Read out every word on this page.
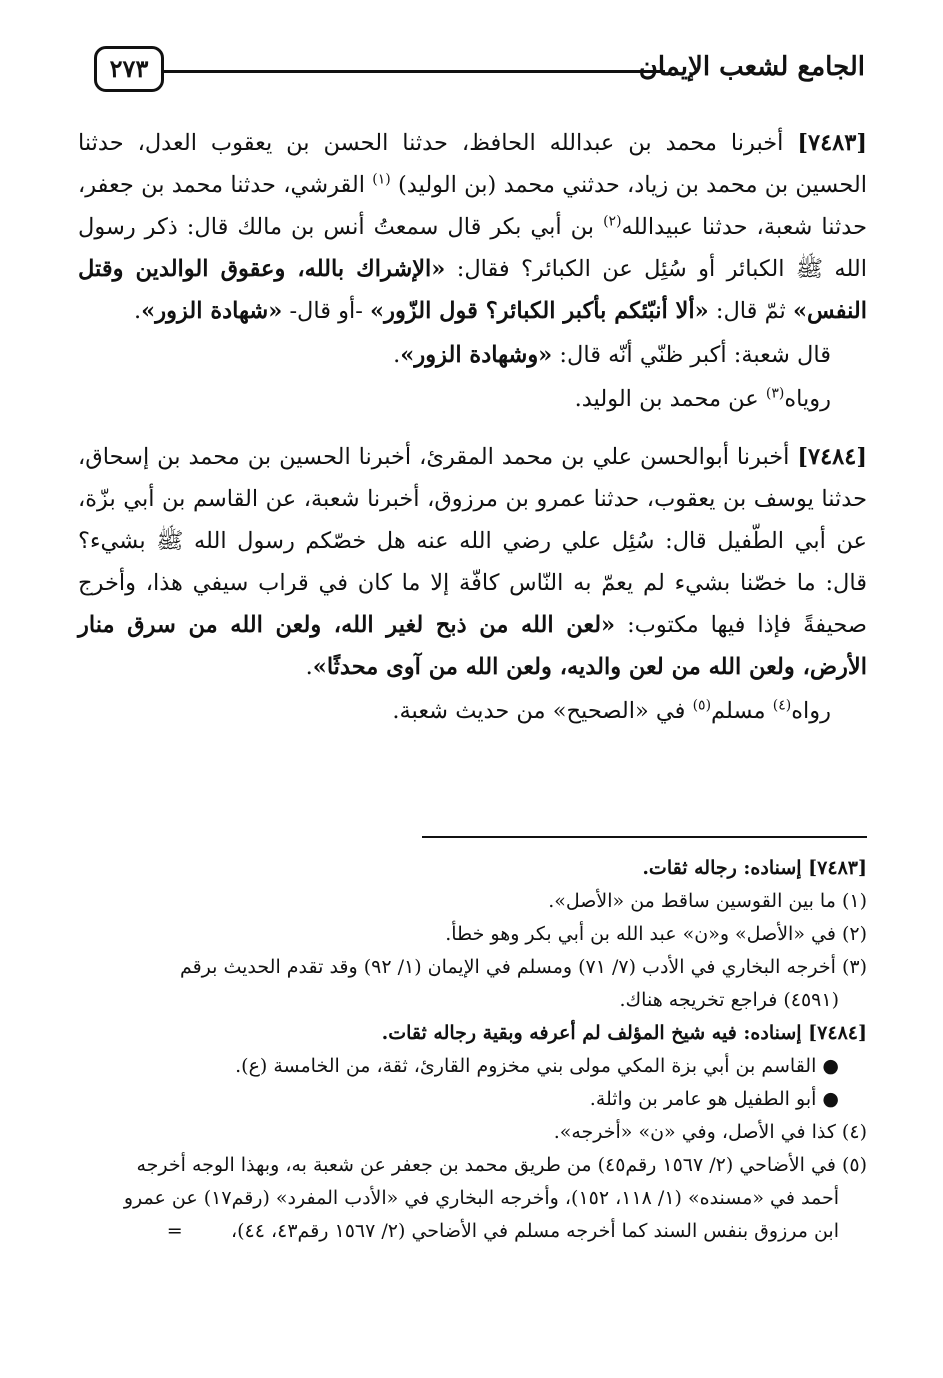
الجامع لشعب الإيمان
٢٧٣

[٧٤٨٣] أخبرنا محمد بن عبدالله الحافظ، حدثنا الحسن بن يعقوب العدل، حدثنا الحسين بن محمد بن زياد، حدثني محمد (بن الوليد) $^{(١)}$ القرشي، حدثنا محمد بن جعفر، حدثنا شعبة، حدثنا عبيدالله$^{(٢)}$ بن أبي بكر قال سمعتُ أنس بن مالك قال: ذكر رسول الله ﷺ الكبائر أو سُئِل عن الكبائر؟ فقال: «الإشراك بالله، وعقوق الوالدين وقتل النفس» ثمّ قال: «ألا أنبّئكم بأكبر الكبائر؟ قول الزّور» -أو قال- «شهادة الزور».

قال شعبة: أكبر ظنّي أنّه قال: «وشهادة الزور».

روياه$^{(٣)}$ عن محمد بن الوليد.

[٧٤٨٤] أخبرنا أبوالحسن علي بن محمد المقرئ، أخبرنا الحسين بن محمد بن إسحاق، حدثنا يوسف بن يعقوب، حدثنا عمرو بن مرزوق، أخبرنا شعبة، عن القاسم بن أبي بزّة، عن أبي الطّفيل قال: سُئِل علي رضي الله عنه هل خصّكم رسول الله ﷺ بشيء؟ قال: ما خصّنا بشيء لم يعمّ به النّاس كافّة إلا ما كان في قراب سيفي هذا، وأخرج صحيفةً فإذا فيها مكتوب: «لعن الله من ذبح لغير الله، ولعن الله من سرق منار الأرض، ولعن الله من لعن والديه، ولعن الله من آوى محدثًا».

رواه$^{(٤)}$ مسلم$^{(٥)}$ في «الصحيح» من حديث شعبة.

[٧٤٨٣] إسناده: رجاله ثقات.

(١) ما بين القوسين ساقط من «الأصل».

(٢) في «الأصل» و«ن» عبد الله بن أبي بكر وهو خطأ.

(٣) أخرجه البخاري في الأدب (٧/ ٧١) ومسلم في الإيمان (١/ ٩٢) وقد تقدم الحديث برقم
(٤٥٩١) فراجع تخريجه هناك.

[٧٤٨٤] إسناده: فيه شيخ المؤلف لم أعرفه وبقية رجاله ثقات.

● القاسم بن أبي بزة المكي مولى بني مخزوم القارئ، ثقة، من الخامسة (ع).

● أبو الطفيل هو عامر بن واثلة.

(٤) كذا في الأصل، وفي «ن» «أخرجه».

(٥) في الأضاحي (٢/ ١٥٦٧ رقم٤٥) من طريق محمد بن جعفر عن شعبة به، وبهذا الوجه أخرجه
أحمد في «مسنده» (١/ ١١٨، ١٥٢)، وأخرجه البخاري في «الأدب المفرد» (رقم١٧) عن عمرو
ابن مرزوق بنفس السند كما أخرجه مسلم في الأضاحي (٢/ ١٥٦٧ رقم٤٣، ٤٤)،        =
